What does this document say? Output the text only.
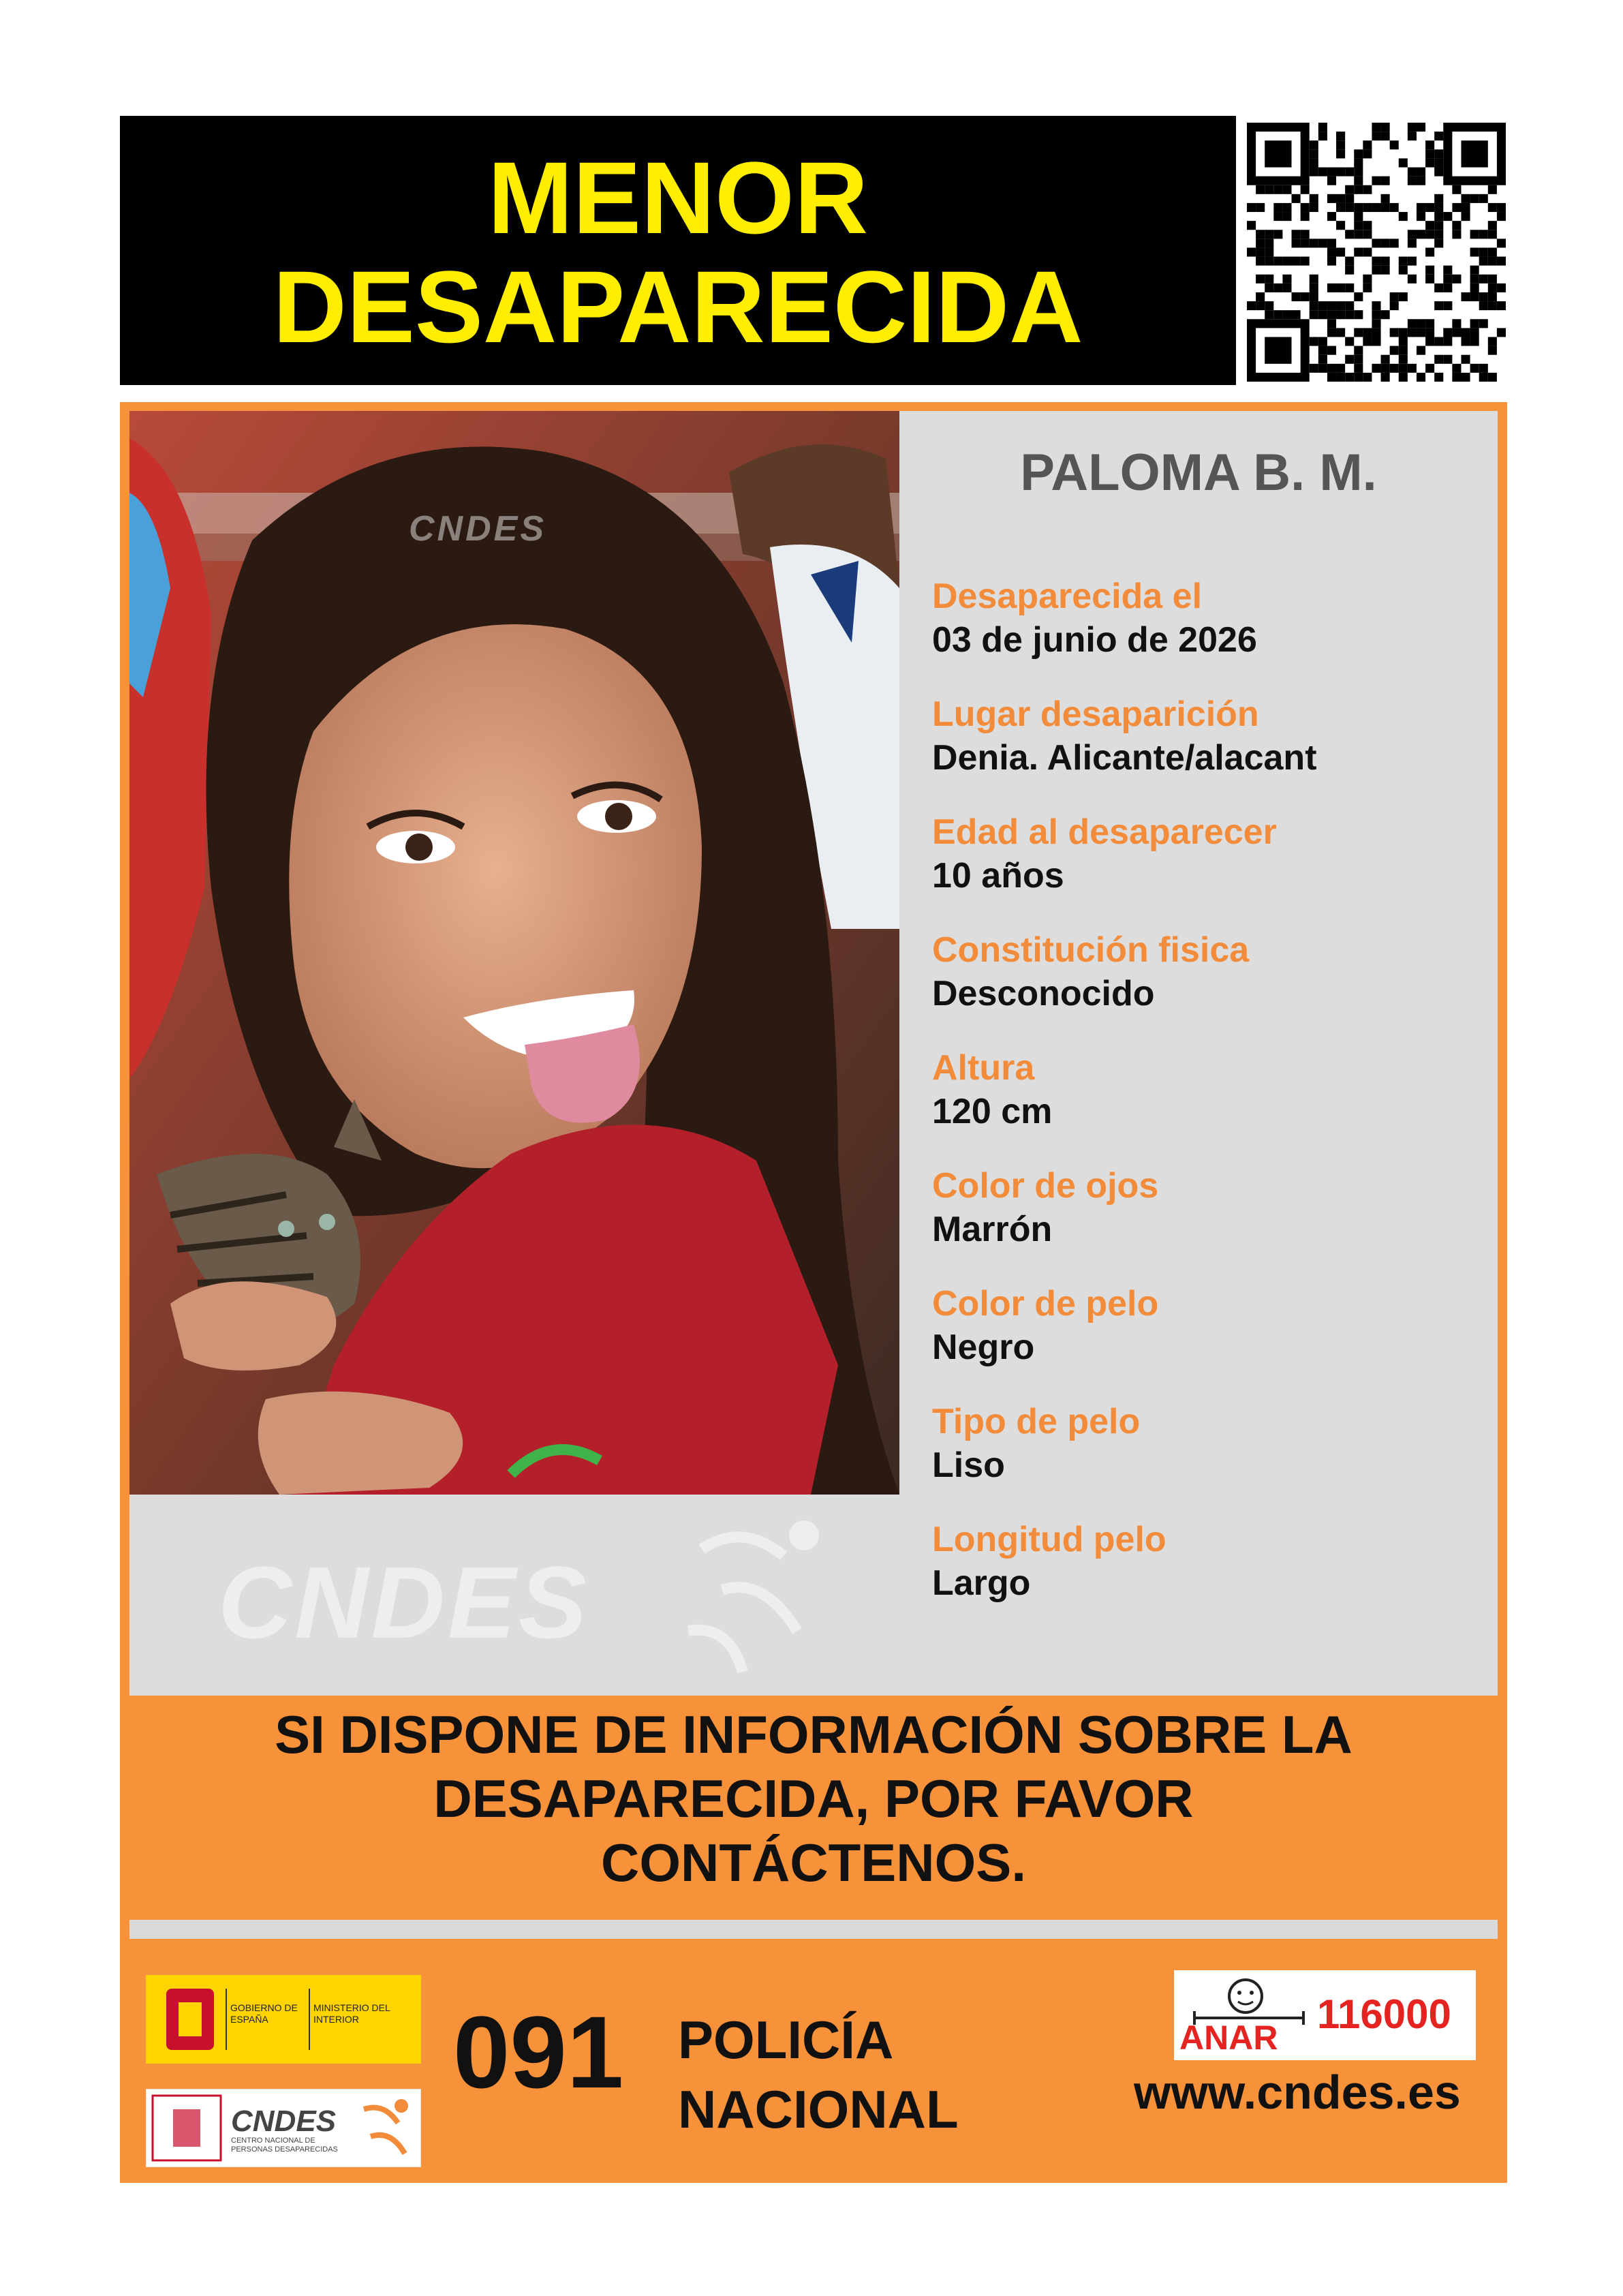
MENOR
DESAPARECIDA
CNDES
CNDES
PALOMA B. M.
Desaparecida el
03 de junio de 2026
Lugar desaparición
Denia. Alicante/alacant
Edad al desaparecer
10 años
Constitución fisica
Desconocido
Altura
120 cm
Color de ojos
Marrón
Color de pelo
Negro
Tipo de pelo
Liso
Longitud pelo
Largo
SI DISPONE DE INFORMACIÓN SOBRE LA
DESAPARECIDA, POR FAVOR
CONTÁCTENOS.
GOBIERNO DE ESPAÑA
MINISTERIO DEL INTERIOR
CNDES
CENTRO NACIONAL DE PERSONAS DESAPARECIDAS
091 POLICÍA
NACIONAL
ANAR
116000
www.cndes.es
